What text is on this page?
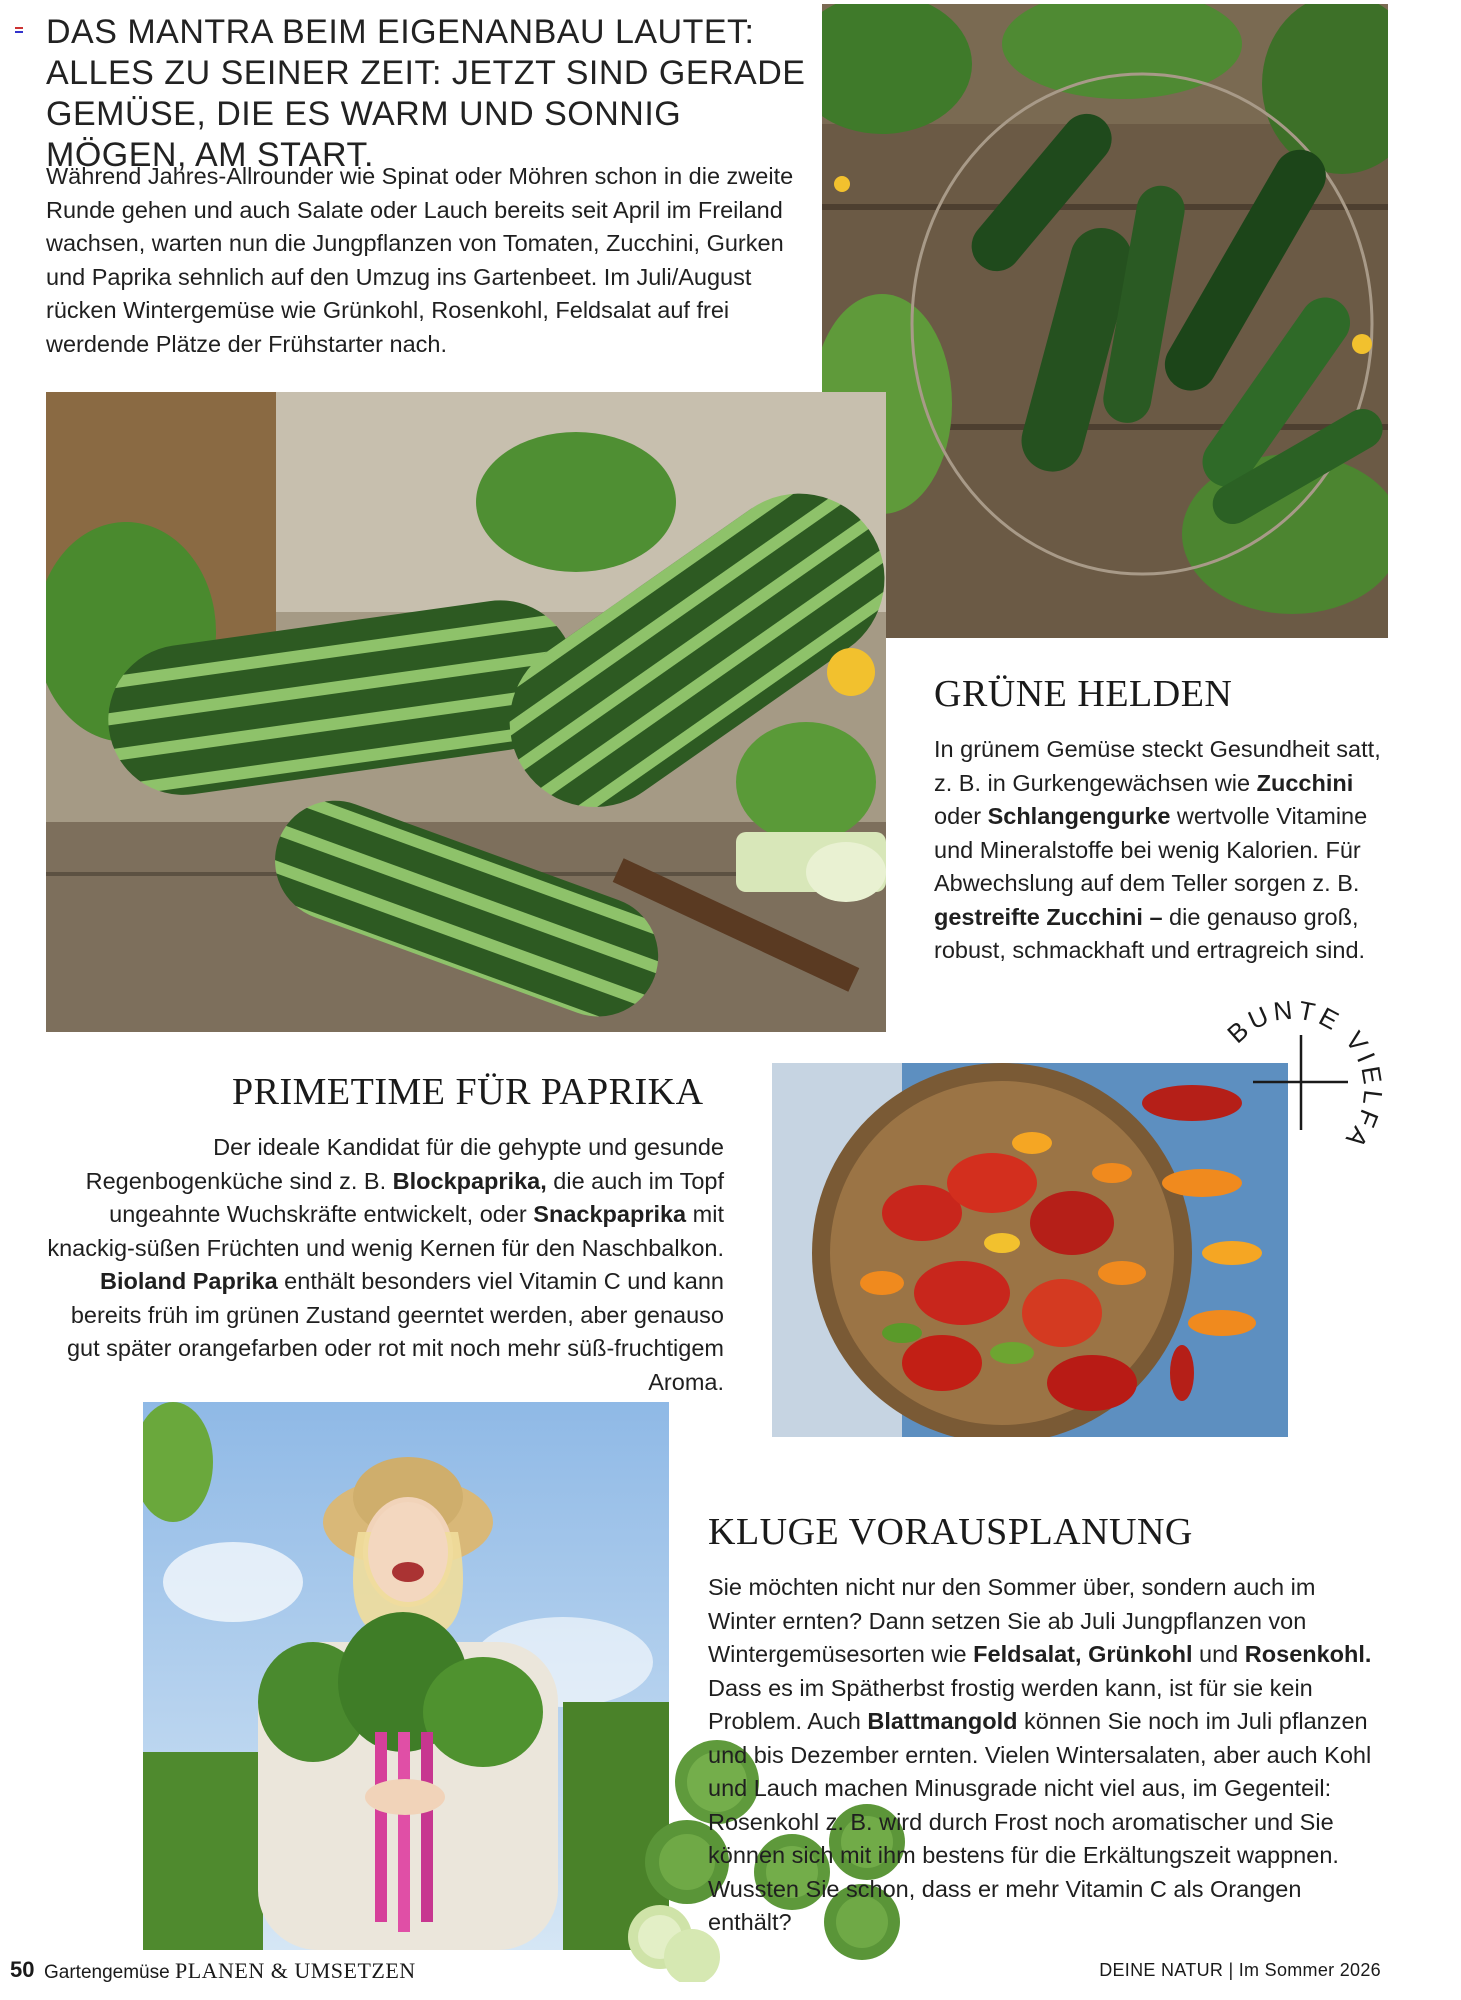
DAS MANTRA BEIM EIGENANBAU LAUTET: ALLES ZU SEINER ZEIT: JETZT SIND GERADE GEMÜSE, DIE ES WARM UND SONNIG MÖGEN, AM START.
Während Jahres-Allrounder wie Spinat oder Möhren schon in die zweite Runde gehen und auch Salate oder Lauch bereits seit April im Freiland wachsen, warten nun die Jungpflanzen von Tomaten, Zucchini, Gurken und Paprika sehnlich auf den Umzug ins Gartenbeet. Im Juli/August rücken Wintergemüse wie Grünkohl, Rosenkohl, Feldsalat auf frei werdende Plätze der Frühstarter nach.
GRÜNE HELDEN
In grünem Gemüse steckt Gesundheit satt, z. B. in Gurkengewächsen wie Zucchini oder Schlangengurke wertvolle Vitamine und Mineralstoffe bei wenig Kalorien. Für Abwechslung auf dem Teller sorgen z. B. gestreifte Zucchini – die genauso groß, robust, schmackhaft und ertragreich sind.
BUNTE VIELFA
PRIMETIME FÜR PAPRIKA
Der ideale Kandidat für die gehypte und gesunde Regenbogenküche sind z. B. Blockpaprika, die auch im Topf ungeahnte Wuchskräfte entwickelt, oder Snackpaprika mit knackig-süßen Früchten und wenig Kernen für den Naschbalkon. Bioland Paprika enthält besonders viel Vitamin C und kann bereits früh im grünen Zustand geerntet werden, aber genauso gut später orangefarben oder rot mit noch mehr süß-fruchtigem Aroma.
KLUGE VORAUSPLANUNG
Sie möchten nicht nur den Sommer über, sondern auch im Winter ernten? Dann setzen Sie ab Juli Jungpflanzen von Wintergemüsesorten wie Feldsalat, Grünkohl und Rosenkohl. Dass es im Spätherbst frostig werden kann, ist für sie kein Problem. Auch Blattmangold können Sie noch im Juli pflanzen und bis Dezember ernten. Vielen Wintersalaten, aber auch Kohl und Lauch machen Minusgrade nicht viel aus, im Gegenteil: Rosenkohl z. B. wird durch Frost noch aromatischer und Sie können sich mit ihm bestens für die Erkältungszeit wappnen. Wussten Sie schon, dass er mehr Vitamin C als Orangen enthält?
50 Gartengemüse PLANEN & UMSETZEN	DEINE NATUR | Im Sommer 2026
